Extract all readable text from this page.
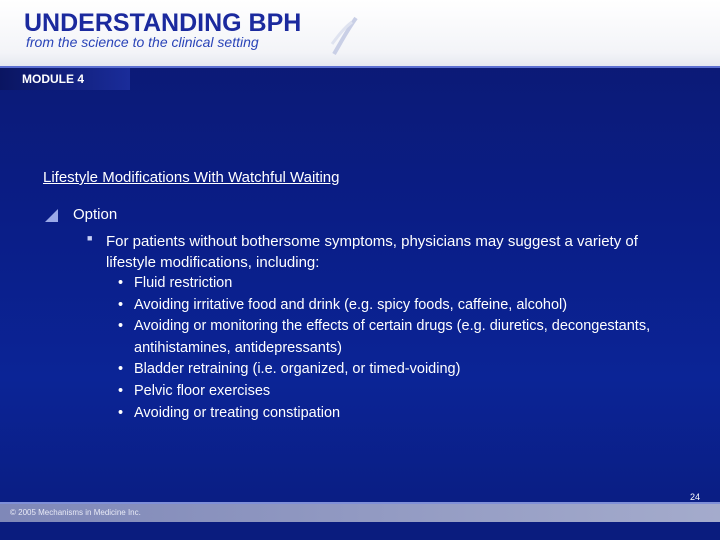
UNDERSTANDING BPH
from the science to the clinical setting
MODULE 4
Lifestyle Modifications With Watchful Waiting
Option
■ For patients without bothersome symptoms, physicians may suggest a variety of lifestyle modifications, including:
• Fluid restriction
• Avoiding irritative food and drink (e.g. spicy foods, caffeine, alcohol)
• Avoiding or monitoring the effects of certain drugs (e.g. diuretics, decongestants, antihistamines, antidepressants)
• Bladder retraining (i.e. organized, or timed-voiding)
• Pelvic floor exercises
• Avoiding or treating constipation
24
© 2005 Mechanisms in Medicine Inc.
